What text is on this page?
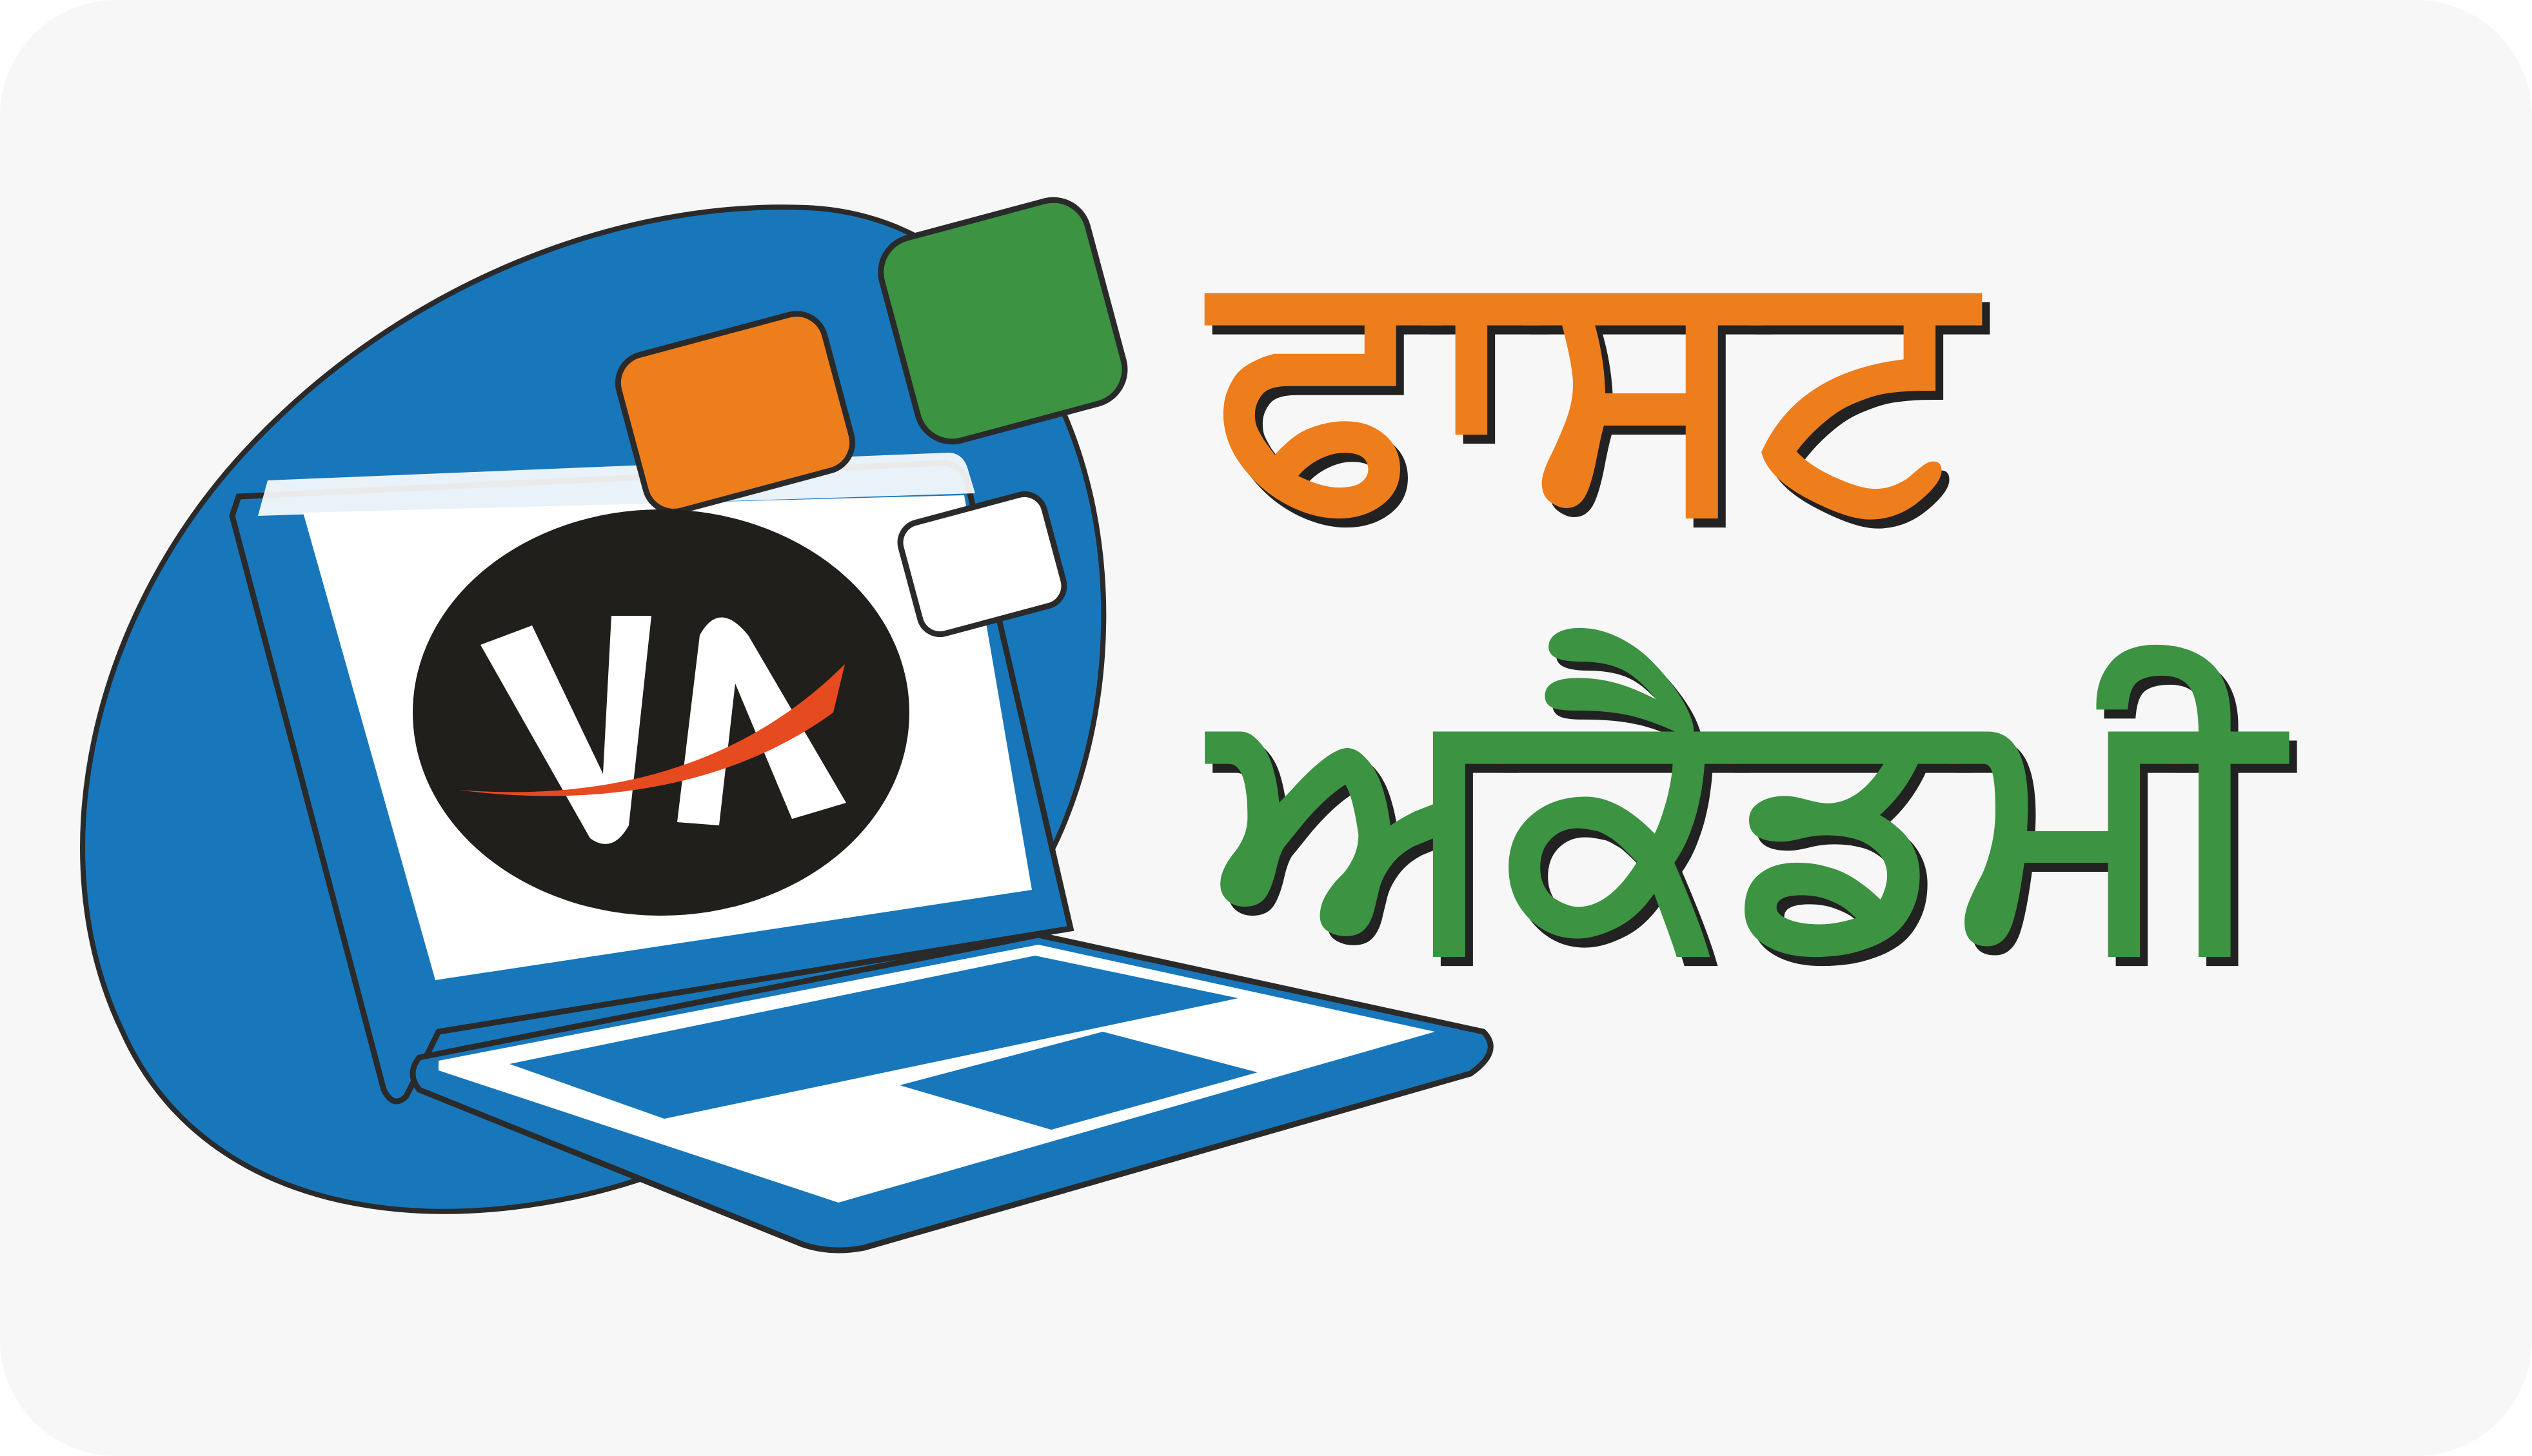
ਫਾਸਟ
ਅਕੈਡਮੀ
